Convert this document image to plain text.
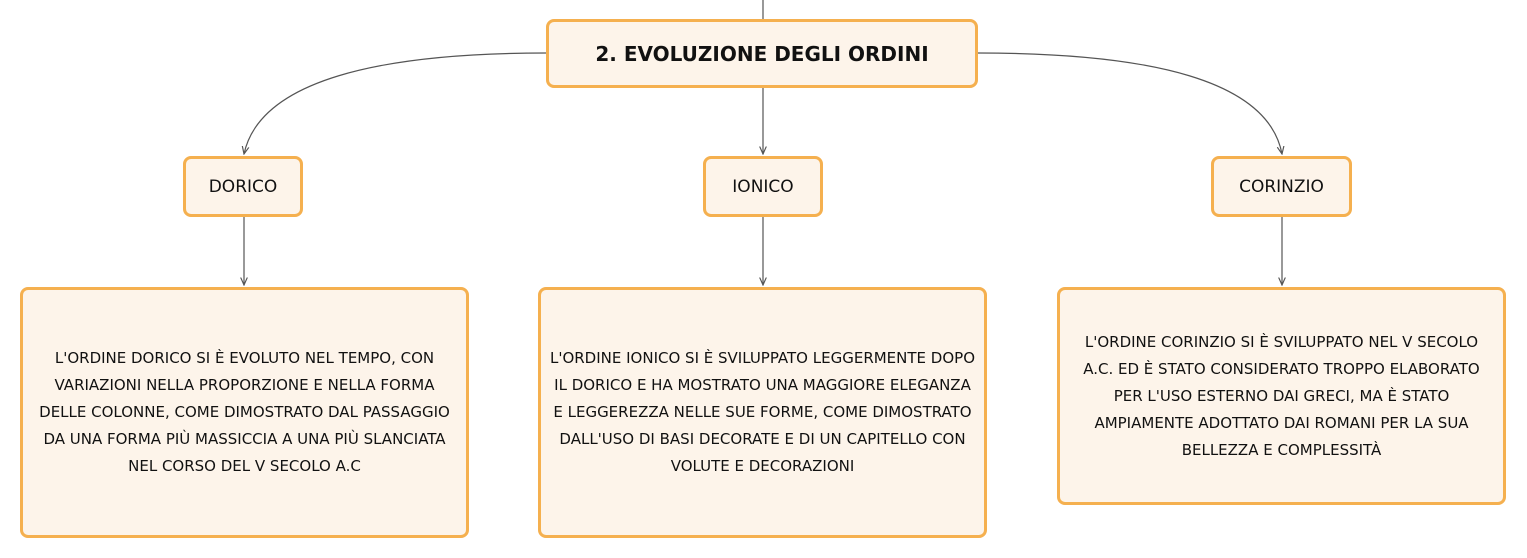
2. EVOLUZIONE DEGLI ORDINI
DORICO	IONICO	CORINZIO
L'ORDINE DORICO SI È EVOLUTO NEL TEMPO, CON VARIAZIONI NELLA PROPORZIONE E NELLA FORMA DELLE COLONNE, COME DIMOSTRATO DAL PASSAGGIO DA UNA FORMA PIÙ MASSICCIA A UNA PIÙ SLANCIATA NEL CORSO DEL V SECOLO A.C
L'ORDINE IONICO SI È SVILUPPATO LEGGERMENTE DOPO IL DORICO E HA MOSTRATO UNA MAGGIORE ELEGANZA E LEGGEREZZA NELLE SUE FORME, COME DIMOSTRATO DALL'USO DI BASI DECORATE E DI UN CAPITELLO CON VOLUTE E DECORAZIONI
L'ORDINE CORINZIO SI È SVILUPPATO NEL V SECOLO A.C. ED È STATO CONSIDERATO TROPPO ELABORATO PER L'USO ESTERNO DAI GRECI, MA È STATO AMPIAMENTE ADOTTATO DAI ROMANI PER LA SUA BELLEZZA E COMPLESSITÀ
